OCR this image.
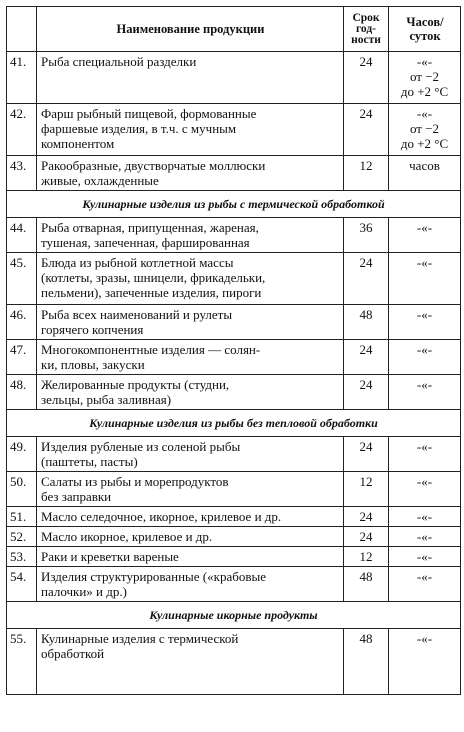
	Наименование продукции	Срок
год-
ности	Часов/
суток

41.	Рыба специальной разделки	24	-«-
от −2
до +2 °С

42.	Фарш рыбный пищевой, формованные
фаршевые изделия, в т.ч. с мучным
компонентом	24	-«-
от −2
до +2 °С

43.	Ракообразные, двустворчатые моллюски
живые, охлажденные	12	часов

Кулинарные изделия из рыбы с термической обработкой			
44.	Рыба отварная, припущенная, жареная,
тушеная, запеченная, фаршированная	36	-«-

45.	Блюда из рыбной котлетной массы
(котлеты, зразы, шницели, фрикадельки,
пельмени), запеченные изделия, пироги	24	-«-

46.	Рыба всех наименований и рулеты
горячего копчения	48	-«-

47.	Многокомпонентные изделия — солян-
ки, пловы, закуски	24	-«-

48.	Желированные продукты (студни,
зельцы, рыба заливная)	24	-«-

Кулинарные изделия из рыбы без тепловой обработки			
49.	Изделия рубленые из соленой рыбы
(паштеты, пасты)	24	-«-

50.	Салаты из рыбы и морепродуктов
без заправки	12	-«-

51.	Масло селедочное, икорное, крилевое и др.	24	-«-

52.	Масло икорное, крилевое и др.	24	-«-

53.	Раки и креветки вареные	12	-«-

54.	Изделия структурированные («крабовые
палочки» и др.)	48	-«-

Кулинарные икорные продукты			
55.	Кулинарные изделия с термической
обработкой	48	-«-
